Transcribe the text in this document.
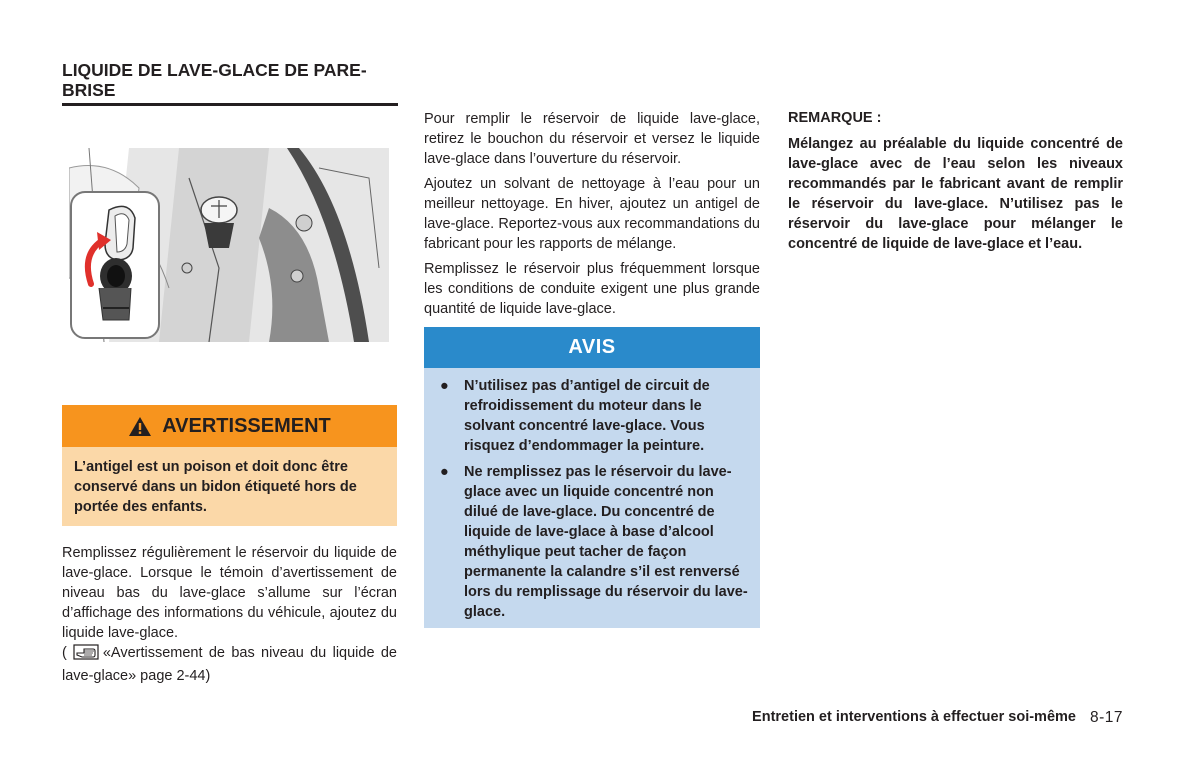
LIQUIDE DE LAVE-GLACE DE PARE-BRISE
AVERTISSEMENT
L’antigel est un poison et doit donc être conservé dans un bidon étiqueté hors de portée des enfants.
Remplissez régulièrement le réservoir du liquide de lave-glace. Lorsque le témoin d’avertissement de niveau bas du lave-glace s’allume sur l’écran d’affichage des informations du véhicule, ajoutez du liquide lave-glace.
( «Avertissement de bas niveau du liquide de lave-glace» page 2-44)

Pour remplir le réservoir de liquide lave-glace, retirez le bouchon du réservoir et versez le liquide lave-glace dans l’ouverture du réservoir.

Ajoutez un solvant de nettoyage à l’eau pour un meilleur nettoyage. En hiver, ajoutez un antigel de lave-glace. Reportez-vous aux recommandations du fabricant pour les rapports de mélange.

Remplissez le réservoir plus fréquemment lorsque les conditions de conduite exigent une plus grande quantité de liquide lave-glace.

AVIS
● N’utilisez pas d’antigel de circuit de refroidissement du moteur dans le solvant concentré lave-glace. Vous risquez d’endommager la peinture.
● Ne remplissez pas le réservoir du lave-glace avec un liquide concentré non dilué de lave-glace. Du concentré de liquide de lave-glace à base d’alcool méthylique peut tacher de façon permanente la calandre s’il est renversé lors du remplissage du réservoir du lave-glace.
REMARQUE :
Mélangez au préalable du liquide concentré de lave-glace avec de l’eau selon les niveaux recommandés par le fabricant avant de remplir le réservoir du lave-glace. N’utilisez pas le réservoir du lave-glace pour mélanger le concentré de liquide de lave-glace et l’eau.
Entretien et interventions à effectuer soi-même 8-17
